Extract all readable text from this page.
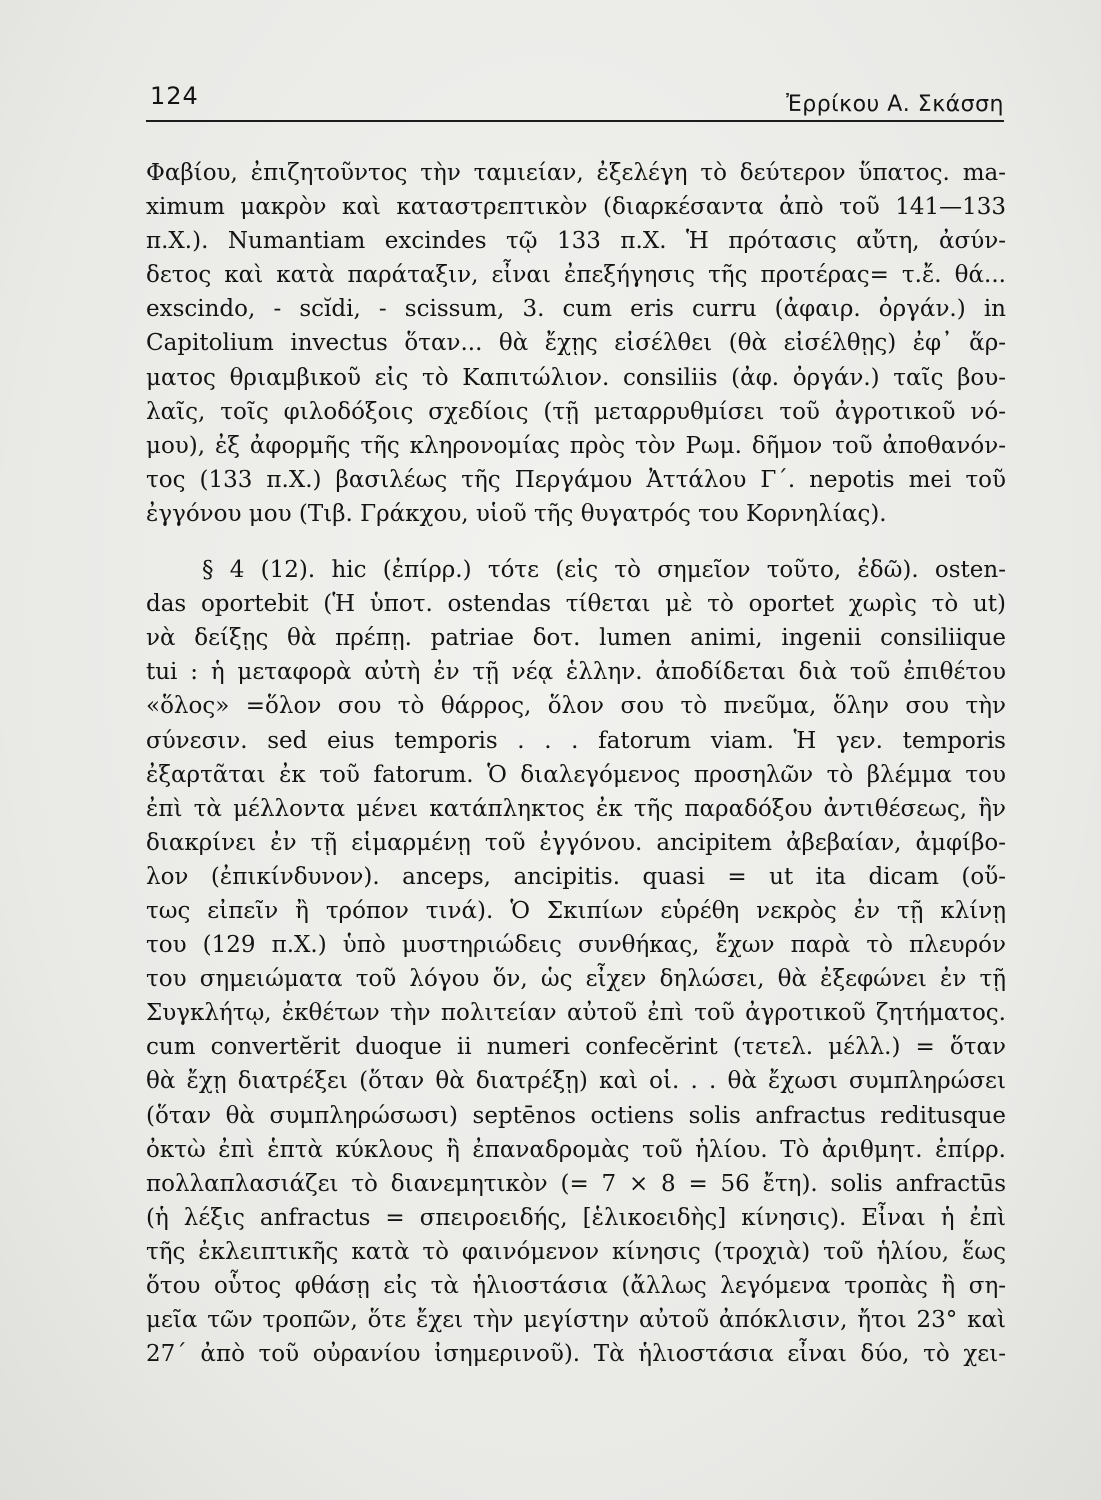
124	Ἐρρίκου Α. Σκάσση
Φαβίου, ἐπιζητοῦντος τὴν ταμιείαν, ἐξελέγη τὸ δεύτερον ὕπατος. ma-
ximum μακρὸν καὶ καταστρεπτικὸν (διαρκέσαντα ἀπὸ τοῦ 141—133
π.Χ.). Numantiam excindes τῷ 133 π.Χ. Ἡ πρότασις αὔτη, ἀσύν-
δετος καὶ κατὰ παράταξιν, εἶναι ἐπεξήγησις τῆς προτέρας= τ.ἔ. θά...
exscindo, - scĭdi, - scissum, 3. cum eris curru (ἀφαιρ. ὀργάν.) in
Capitolium invectus ὅταν... θὰ ἔχῃς εἰσέλθει (θὰ εἰσέλθῃς) ἐφ᾽ ἅρ-
ματος θριαμβικοῦ εἰς τὸ Καπιτώλιον. consiliis (ἀφ. ὀργάν.) ταῖς βου-
λαῖς, τοῖς φιλοδόξοις σχεδίοις (τῇ μεταρρυθμίσει τοῦ ἀγροτικοῦ νό-
μου), ἐξ ἀφορμῆς τῆς κληρονομίας πρὸς τὸν Ρωμ. δῆμον τοῦ ἀποθανόν-
τος (133 π.Χ.) βασιλέως τῆς Περγάμου Ἀττάλου Γ΄. nepotis mei τοῦ
ἐγγόνου μου (Τιβ. Γράκχου, υἱοῦ τῆς θυγατρός του Κορνηλίας).
§ 4 (12). hic (ἐπίρρ.) τότε (εἰς τὸ σημεῖον τοῦτο, ἐδῶ). osten-
das oportebit (Ἡ ὑποτ. ostendas τίθεται μὲ τὸ oportet χωρὶς τὸ ut)
νὰ δείξῃς θὰ πρέπῃ. patriae δοτ. lumen animi, ingenii consiliique
tui : ἡ μεταφορὰ αὐτὴ ἐν τῇ νέᾳ ἑλλην. ἀποδίδεται διὰ τοῦ ἐπιθέτου
«ὅλος» =ὅλον σου τὸ θάρρος, ὅλον σου τὸ πνεῦμα, ὅλην σου τὴν
σύνεσιν. sed eius temporis . . . fatorum viam. Ἡ γεν. temporis
ἐξαρτᾶται ἐκ τοῦ fatorum. Ὁ διαλεγόμενος προσηλῶν τὸ βλέμμα του
ἐπὶ τὰ μέλλοντα μένει κατάπληκτος ἐκ τῆς παραδόξου ἀντιθέσεως, ἣν
διακρίνει ἐν τῇ εἱμαρμένῃ τοῦ ἐγγόνου. ancipitem ἀβεβαίαν, ἀμφίβο-
λον (ἐπικίνδυνον). anceps, ancipitis. quasi = ut ita dicam (οὕ-
τως εἰπεῖν ἢ τρόπον τινά). Ὁ Σκιπίων εὑρέθη νεκρὸς ἐν τῇ κλίνῃ
του (129 π.Χ.) ὑπὸ μυστηριώδεις συνθήκας, ἔχων παρὰ τὸ πλευρόν
του σημειώματα τοῦ λόγου ὅν, ὡς εἶχεν δηλώσει, θὰ ἐξεφώνει ἐν τῇ
Συγκλήτῳ, ἐκθέτων τὴν πολιτείαν αὐτοῦ ἐπὶ τοῦ ἀγροτικοῦ ζητήματος.
cum convertĕrit duoque ii numeri confecĕrint (τετελ. μέλλ.) = ὅταν
θὰ ἔχῃ διατρέξει (ὅταν θὰ διατρέξῃ) καὶ οἱ. . . θὰ ἔχωσι συμπληρώσει
(ὅταν θὰ συμπληρώσωσι) septēnos octiens solis anfractus reditusque
ὀκτὼ ἐπὶ ἑπτὰ κύκλους ἢ ἐπαναδρομὰς τοῦ ἡλίου. Τὸ ἀριθμητ. ἐπίρρ.
πολλαπλασιάζει τὸ διανεμητικὸν (= 7 × 8 = 56 ἔτη). solis anfractūs
(ἡ λέξις anfractus = σπειροειδής, [ἑλικοειδὴς] κίνησις). Εἶναι ἡ ἐπὶ
τῆς ἐκλειπτικῆς κατὰ τὸ φαινόμενον κίνησις (τροχιὰ) τοῦ ἡλίου, ἕως
ὅτου οὗτος φθάσῃ εἰς τὰ ἡλιοστάσια (ἄλλως λεγόμενα τροπὰς ἢ ση-
μεῖα τῶν τροπῶν, ὅτε ἔχει τὴν μεγίστην αὐτοῦ ἀπόκλισιν, ἤτοι 23° καὶ
27΄ ἀπὸ τοῦ οὐρανίου ἰσημερινοῦ). Τὰ ἡλιοστάσια εἶναι δύο, τὸ χει-
